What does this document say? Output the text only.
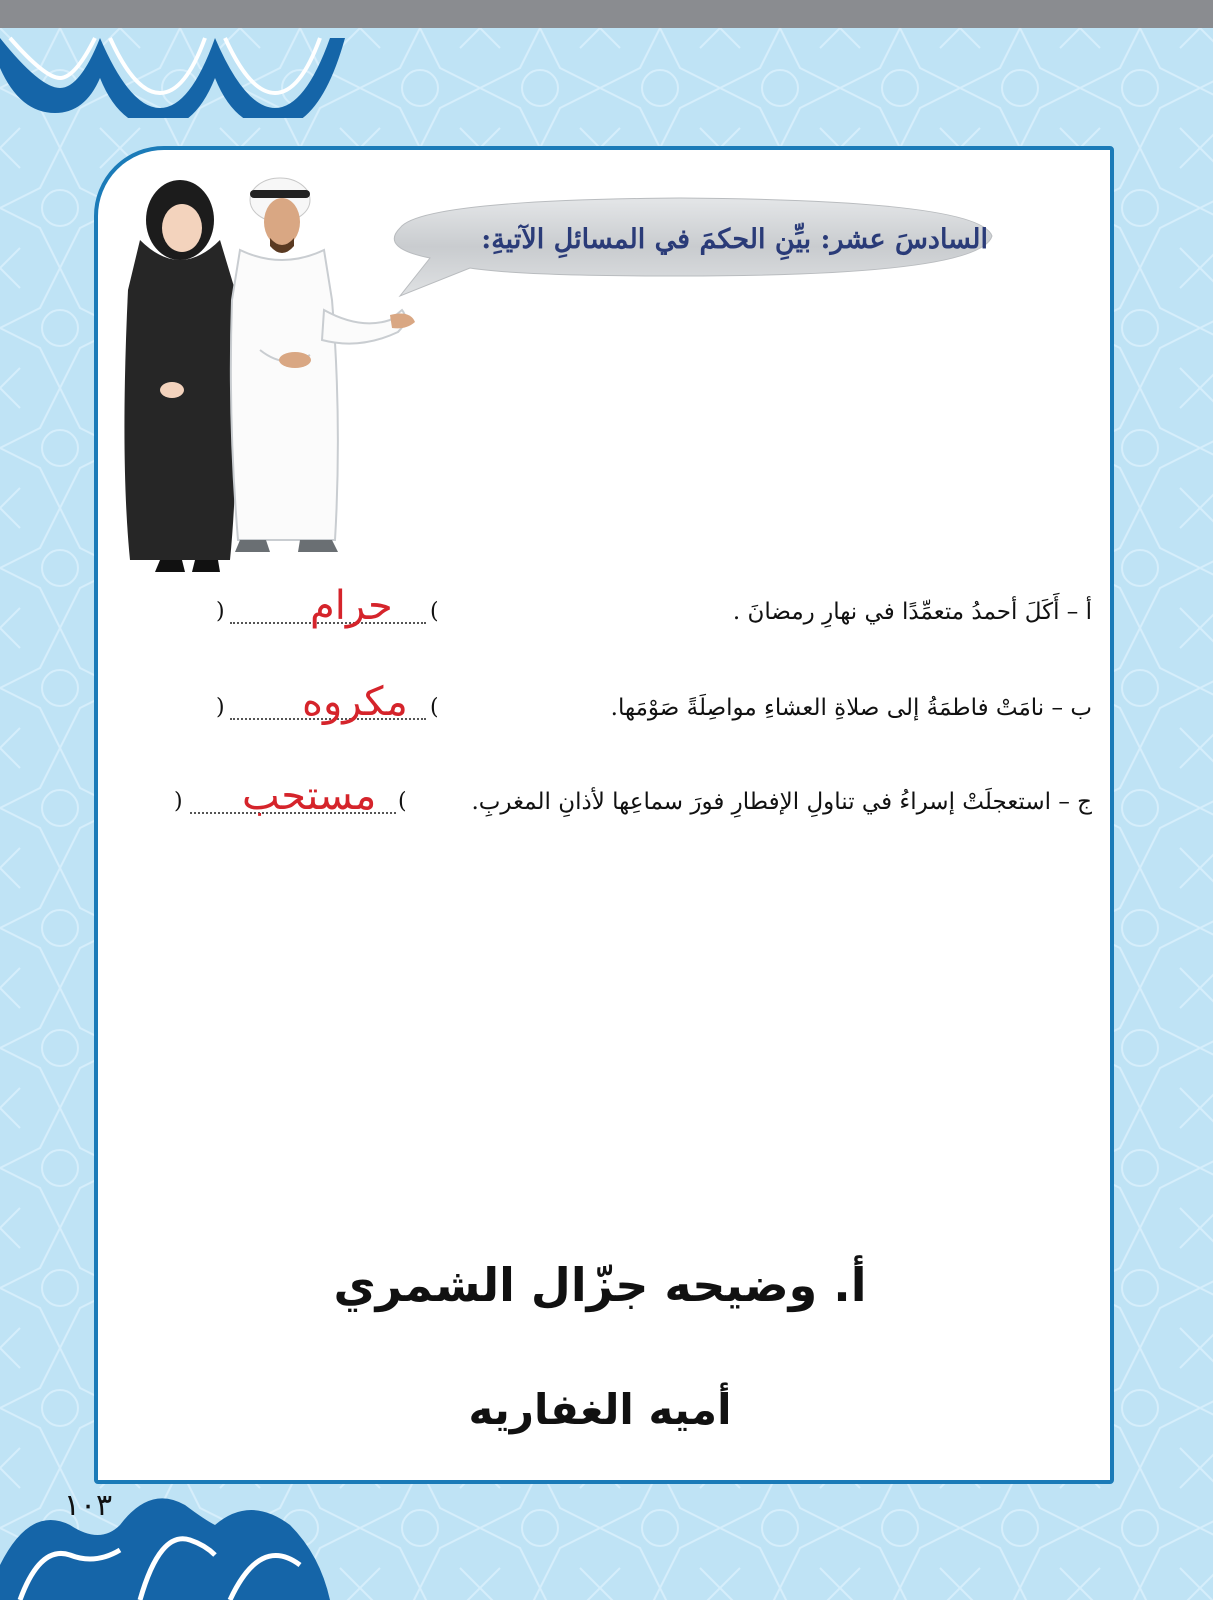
السادسَ عشر: بيِّنِ الحكمَ في المسائلِ الآتيةِ:
أ – أَكَلَ أحمدُ متعمِّدًا في نهارِ رمضانَ .
(
حرام
)
ب – نامَتْ فاطمَةُ إلى صلاةِ العشاءِ مواصِلَةً صَوْمَها.
(
مكروه
)
ج – استعجلَتْ إسراءُ في تناولِ الإفطارِ فورَ سماعِها لأذانِ المغربِ.
(
مستحب
)
أ. وضيحه جزّال الشمري
أميه الغفاريه
١٠٣
